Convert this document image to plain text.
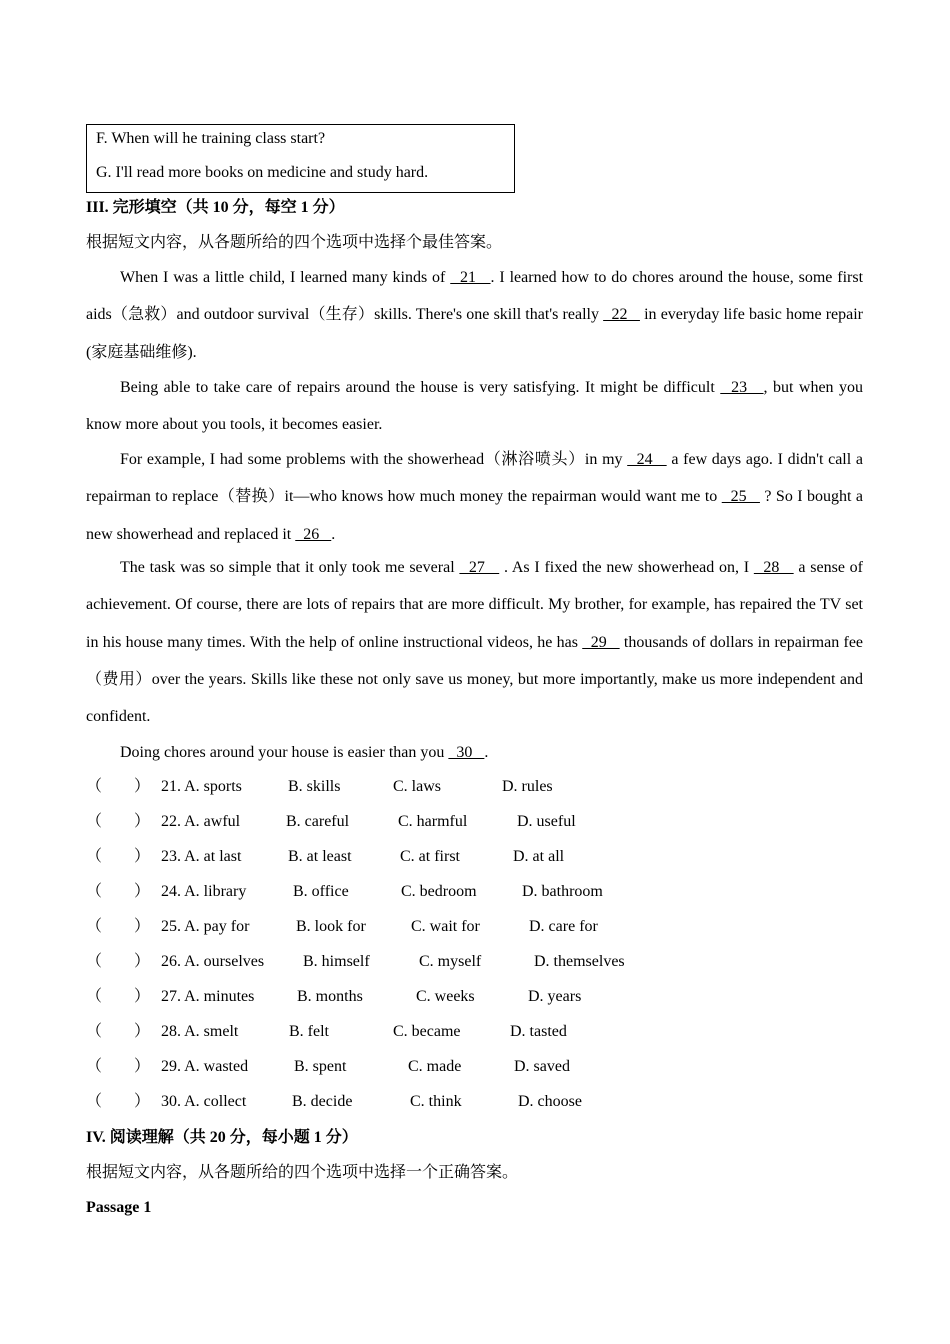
F. When will he training class start?
G. I'll read more books on medicine and study hard.
III. 完形填空（共 10 分，每空 1 分）
根据短文内容，从各题所给的四个选项中选择个最佳答案。

When I was a little child, I learned many kinds of   21   . I learned how to do chores around the house, some first aids（急救）and outdoor survival（生存）skills. There's one skill that's really   22    in everyday life basic home repair (家庭基础维修).

Being able to take care of repairs around the house is very satisfying. It might be difficult   23   , but when you know more about you tools, it becomes easier.

For example, I had some problems with the showerhead（淋浴喷头）in my   24    a few days ago. I didn't call a repairman to replace（替换）it—who knows how much money the repairman would want me to   25    ? So I bought a new showerhead and replaced it   26   .

The task was so simple that it only took me several   27    . As I fixed the new showerhead on, I   28    a sense of achievement. Of course, there are lots of repairs that are more difficult. My brother, for example, has repaired the TV set in his house many times. With the help of online instructional videos, he has   29    thousands of dollars in repairman fee（费用）over the years. Skills like these not only save us money, but more importantly, make us more independent and confident.

Doing chores around your house is easier than you   30   .

（ ） 21. A. sports	B. skills	C. laws	D. rules
（ ） 22. A. awful	B. careful	C. harmful	D. useful
（ ） 23. A. at last	B. at least	C. at first	D. at all
（ ） 24. A. library	B. office	C. bedroom	D. bathroom
（ ） 25. A. pay for	B. look for	C. wait for	D. care for
（ ） 26. A. ourselves B. himself	C. myself	D. themselves
（ ） 27. A. minutes	B. months	C. weeks	D. years
（ ） 28. A. smelt	B. felt	C. became	D. tasted
（ ） 29. A. wasted	B. spent	C. made	D. saved
（ ） 30. A. collect	B. decide	C. think	D. choose
IV. 阅读理解（共 20 分，每小题 1 分）
根据短文内容，从各题所给的四个选项中选择一个正确答案。
Passage 1
